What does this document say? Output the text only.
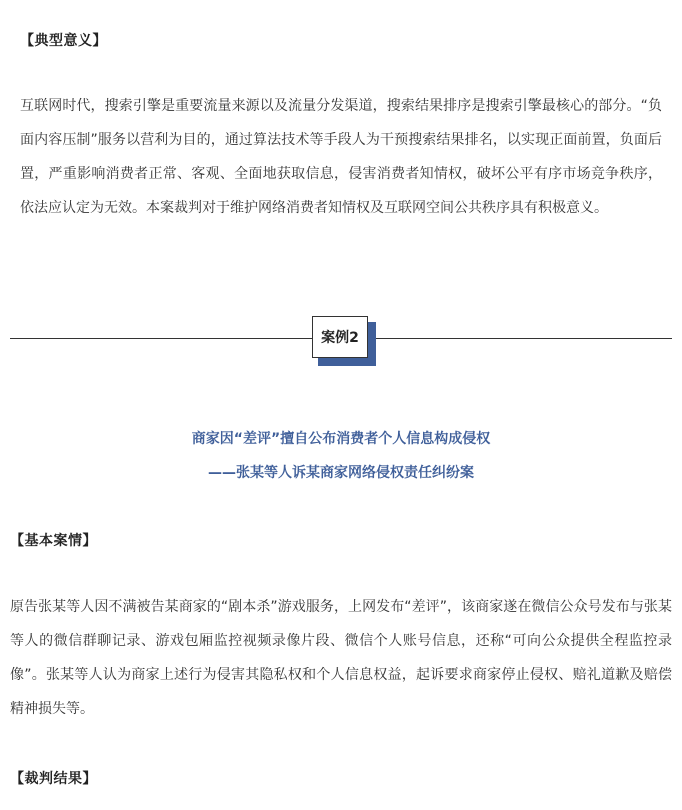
【典型意义】

互联网时代，搜索引擎是重要流量来源以及流量分发渠道，搜索结果排序是搜索引擎最核心的部分。“负面内容压制”服务以营利为目的，通过算法技术等手段人为干预搜索结果排名，以实现正面前置，负面后置，严重影响消费者正常、客观、全面地获取信息，侵害消费者知情权，破坏公平有序市场竞争秩序，依法应认定为无效。本案裁判对于维护网络消费者知情权及互联网空间公共秩序具有积极意义。

案例2
商家因“差评”擅自公布消费者个人信息构成侵权
——张某等人诉某商家网络侵权责任纠纷案
【基本案情】

原告张某等人因不满被告某商家的“剧本杀”游戏服务，上网发布“差评”，该商家遂在微信公众号发布与张某等人的微信群聊记录、游戏包厢监控视频录像片段、微信个人账号信息，还称“可向公众提供全程监控录像”。张某等人认为商家上述行为侵害其隐私权和个人信息权益，起诉要求商家停止侵权、赔礼道歉及赔偿精神损失等。

【裁判结果】
